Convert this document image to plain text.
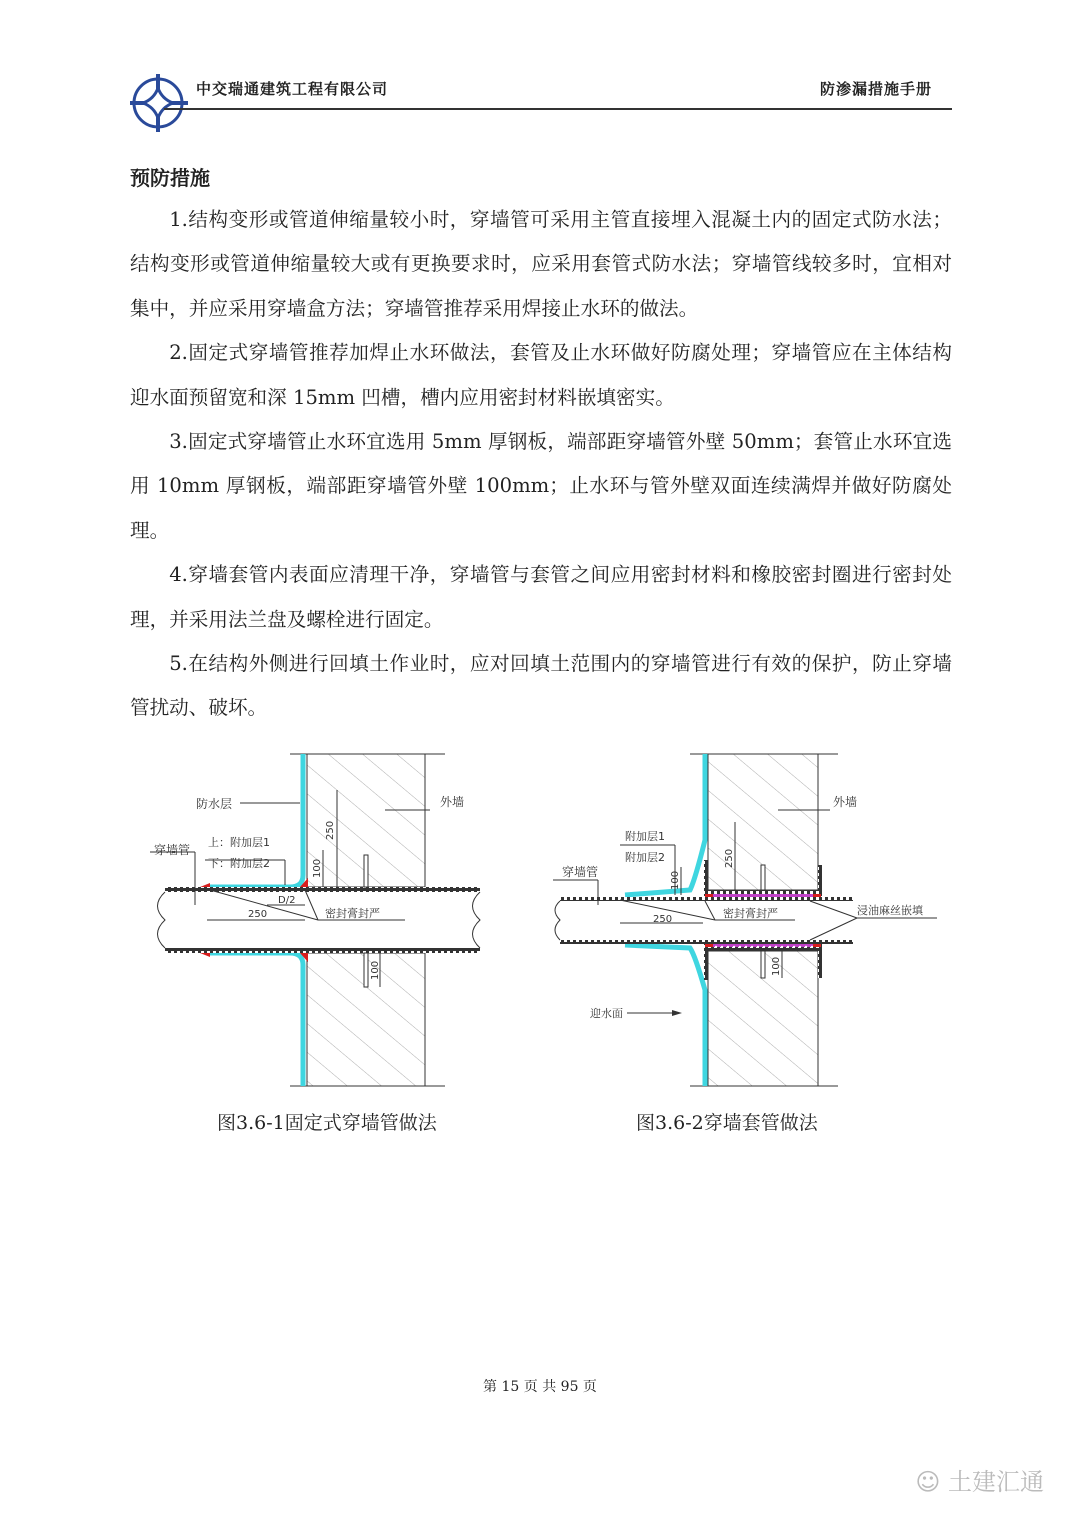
中交瑞通建筑工程有限公司	防渗漏措施手册
预防措施

1.结构变形或管道伸缩量较小时，穿墙管可采用主管直接埋入混凝土内的固定式防水法；结构变形或管道伸缩量较大或有更换要求时，应采用套管式防水法；穿墙管线较多时，宜相对集中，并应采用穿墙盒方法；穿墙管推荐采用焊接止水环的做法。

2.固定式穿墙管推荐加焊止水环做法，套管及止水环做好防腐处理；穿墙管应在主体结构迎水面预留宽和深 15mm 凹槽，槽内应用密封材料嵌填密实。

3.固定式穿墙管止水环宜选用 5mm 厚钢板，端部距穿墙管外壁 50mm；套管止水环宜选用 10mm 厚钢板，端部距穿墙管外壁 100mm；止水环与管外壁双面连续满焊并做好防腐处理。

4.穿墙套管内表面应清理干净，穿墙管与套管之间应用密封材料和橡胶密封圈进行密封处理，并采用法兰盘及螺栓进行固定。

5.在结构外侧进行回填土作业时，应对回填土范围内的穿墙管进行有效的保护，防止穿墙管扰动、破坏。

防水层	外墙
上：附加层1
下：附加层2
穿墙管
密封膏封严
250
100
100
D/2
250
图3.6-1固定式穿墙管做法
外墙
附加层1
附加层2
穿墙管
密封膏封严	浸油麻丝嵌填
迎水面
250
100
100
250
图3.6-2穿墙套管做法
第 15 页 共 95 页
☺ 土建汇通
